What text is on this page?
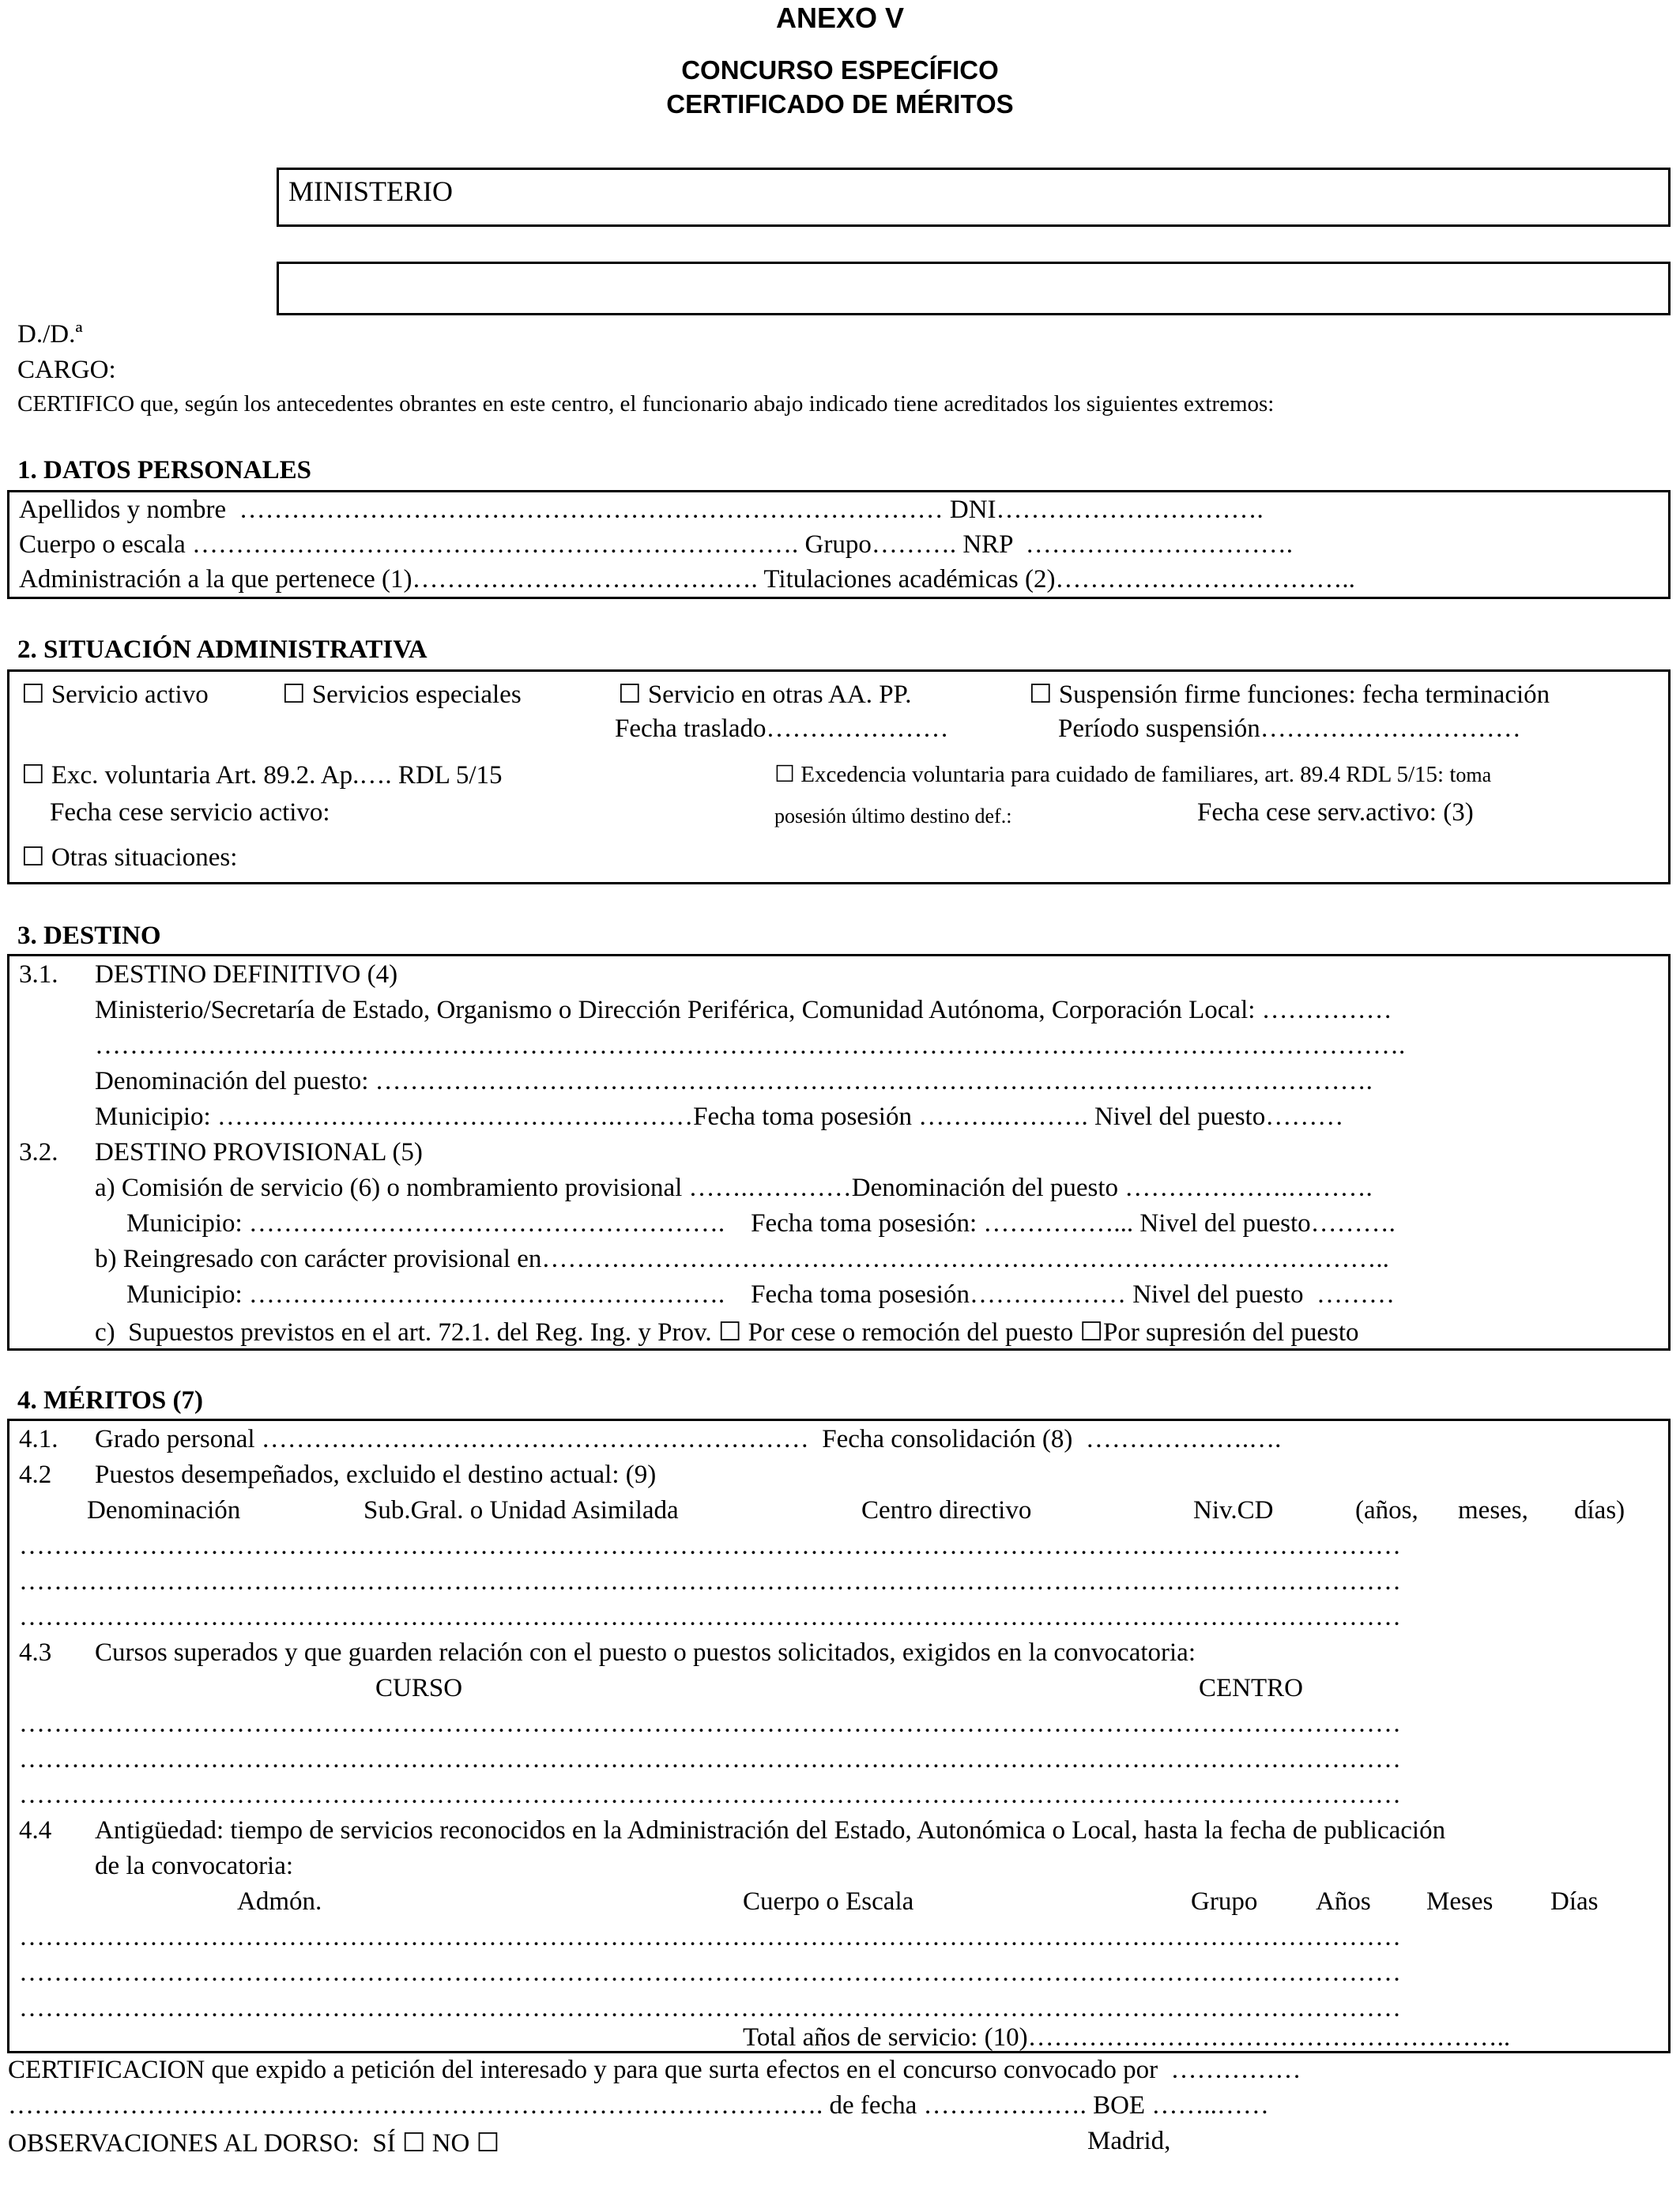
ANEXO V
CONCURSO ESPECÍFICO
CERTIFICADO DE MÉRITOS
MINISTERIO
D./D.ª
CARGO:
CERTIFICO que, según los antecedentes obrantes en este centro, el funcionario abajo indicado tiene acreditados los siguientes extremos:
1. DATOS PERSONALES
Apellidos y nombre  ……………………………………………………………………… DNI………………………….
Cuerpo o escala ……………………………………………………………. Grupo………. NRP  ………………………….
Administración a la que pertenece (1)…………………………………. Titulaciones académicas (2)……………………………..
2. SITUACIÓN ADMINISTRATIVA
☐ Servicio activo	☐ Servicios especiales	☐ Servicio en otras AA. PP.	☐ Suspensión firme funciones: fecha terminación
Fecha traslado…………………	Período suspensión…………………………
☐ Exc. voluntaria Art. 89.2. Ap.…. RDL 5/15	☐ Excedencia voluntaria para cuidado de familiares, art. 89.4 RDL 5/15: toma
Fecha cese servicio activo:	posesión último destino def.:	Fecha cese serv.activo: (3)
☐ Otras situaciones:
3. DESTINO
3.1. DESTINO DEFINITIVO (4)
Ministerio/Secretaría de Estado, Organismo o Dirección Periférica, Comunidad Autónoma, Corporación Local: ……………
…………………………………………………………………………………………………………………………………….
Denominación del puesto: …………………………………………………………………………………………………….
Municipio: ……………………………………….………Fecha toma posesión ……….………. Nivel del puesto………
3.2. DESTINO PROVISIONAL (5)
a) Comisión de servicio (6) o nombramiento provisional …….…………Denominación del puesto ……………….……….
Municipio: ……………………………………………….    Fecha toma posesión: ……………... Nivel del puesto……….
b) Reingresado con carácter provisional en……………………………………………………………………………………..
Municipio: ……………………………………………….    Fecha toma posesión……………… Nivel del puesto  ………
c)  Supuestos previstos en el art. 72.1. del Reg. Ing. y Prov. ☐ Por cese o remoción del puesto ☐Por supresión del puesto
4. MÉRITOS (7)
4.1. Grado personal ………………………………………………………  Fecha consolidación (8)  ……………….….
4.2 Puestos desempeñados, excluido el destino actual: (9)
Denominación	Sub.Gral. o Unidad Asimilada	Centro directivo	Niv.CD	(años, meses, días)
……………………………………………………………………………………………………………………………………………
……………………………………………………………………………………………………………………………………………
……………………………………………………………………………………………………………………………………………
4.3 Cursos superados y que guarden relación con el puesto o puestos solicitados, exigidos en la convocatoria:
CURSO	CENTRO
……………………………………………………………………………………………………………………………………………
……………………………………………………………………………………………………………………………………………
……………………………………………………………………………………………………………………………………………
4.4 Antigüedad: tiempo de servicios reconocidos en la Administración del Estado, Autonómica o Local, hasta la fecha de publicación
de la convocatoria:
Admón.	Cuerpo o Escala	Grupo Años Meses Días
……………………………………………………………………………………………………………………………………………
……………………………………………………………………………………………………………………………………………
……………………………………………………………………………………………………………………………………………
Total años de servicio: (10)………………………………………………..
CERTIFICACION que expido a petición del interesado y para que surta efectos en el concurso convocado por  ……………
…………………………………………………………………………………. de fecha ………………. BOE ……..……
OBSERVACIONES AL DORSO:  SÍ ☐ NO ☐	Madrid,
